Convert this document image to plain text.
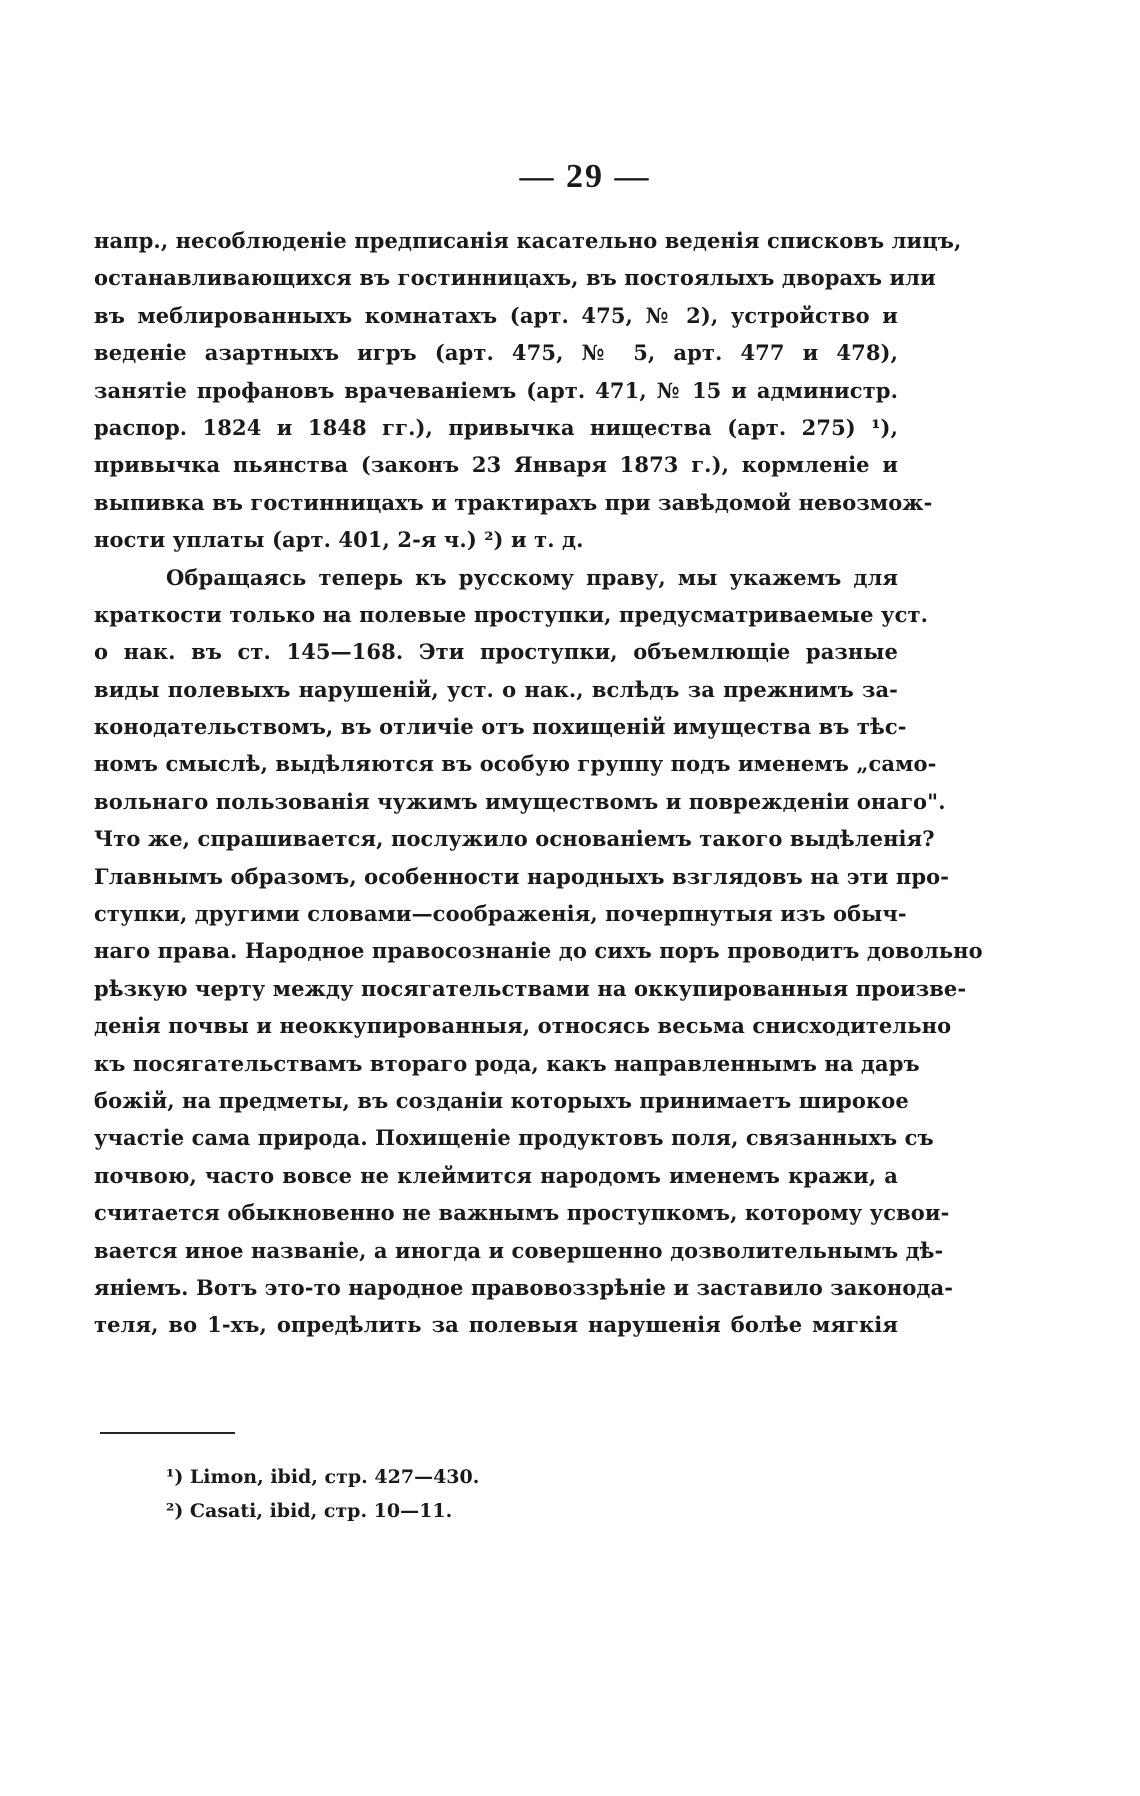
— 29 —
напр., несоблюденіе предписанія касательно веденія списковъ лицъ,
останавливающихся въ гостинницахъ, въ постоялыхъ дворахъ или
въ меблированныхъ комнатахъ (арт. 475, № 2), устройство и
веденіе азартныхъ игръ (арт. 475, № 5, арт. 477 и 478),
занятіе профановъ врачеваніемъ (арт. 471, № 15 и администр.
распор. 1824 и 1848 гг.), привычка нищества (арт. 275) ¹),
привычка пьянства (законъ 23 Января 1873 г.), кормленіе и
выпивка въ гостинницахъ и трактирахъ при завѣдомой невозмож-
ности уплаты (арт. 401, 2-я ч.) ²) и т. д.
Обращаясь теперь къ русскому праву, мы укажемъ для
краткости только на полевые проступки, предусматриваемые уст.
о нак. въ ст. 145—168. Эти проступки, объемлющіе разные
виды полевыхъ нарушеній, уст. о нак., вслѣдъ за прежнимъ за-
конодательствомъ, въ отличіе отъ похищеній имущества въ тѣс-
номъ смыслѣ, выдѣляются въ особую группу подъ именемъ „само-
вольнаго пользованія чужимъ имуществомъ и поврежденіи онаго".
Что же, спрашивается, послужило основаніемъ такого выдѣленія?
Главнымъ образомъ, особенности народныхъ взглядовъ на эти про-
ступки, другими словами—соображенія, почерпнутыя изъ обыч-
наго права. Народное правосознаніе до сихъ поръ проводитъ довольно
рѣзкую черту между посягательствами на оккупированныя произве-
денія почвы и неоккупированныя, относясь весьма снисходительно
къ посягательствамъ втораго рода, какъ направленнымъ на даръ
божій, на предметы, въ созданіи которыхъ принимаетъ широкое
участіе сама природа. Похищеніе продуктовъ поля, связанныхъ съ
почвою, часто вовсе не клеймится народомъ именемъ кражи, а
считается обыкновенно не важнымъ проступкомъ, которому усвои-
вается иное названіе, а иногда и совершенно дозволительнымъ дѣ-
яніемъ. Вотъ это-то народное правовоззрѣніе и заставило законода-
теля, во 1-хъ, опредѣлить за полевыя нарушенія болѣе мягкія
¹) Limon, ibid, стр. 427—430.
²) Casati, ibid, стр. 10—11.
